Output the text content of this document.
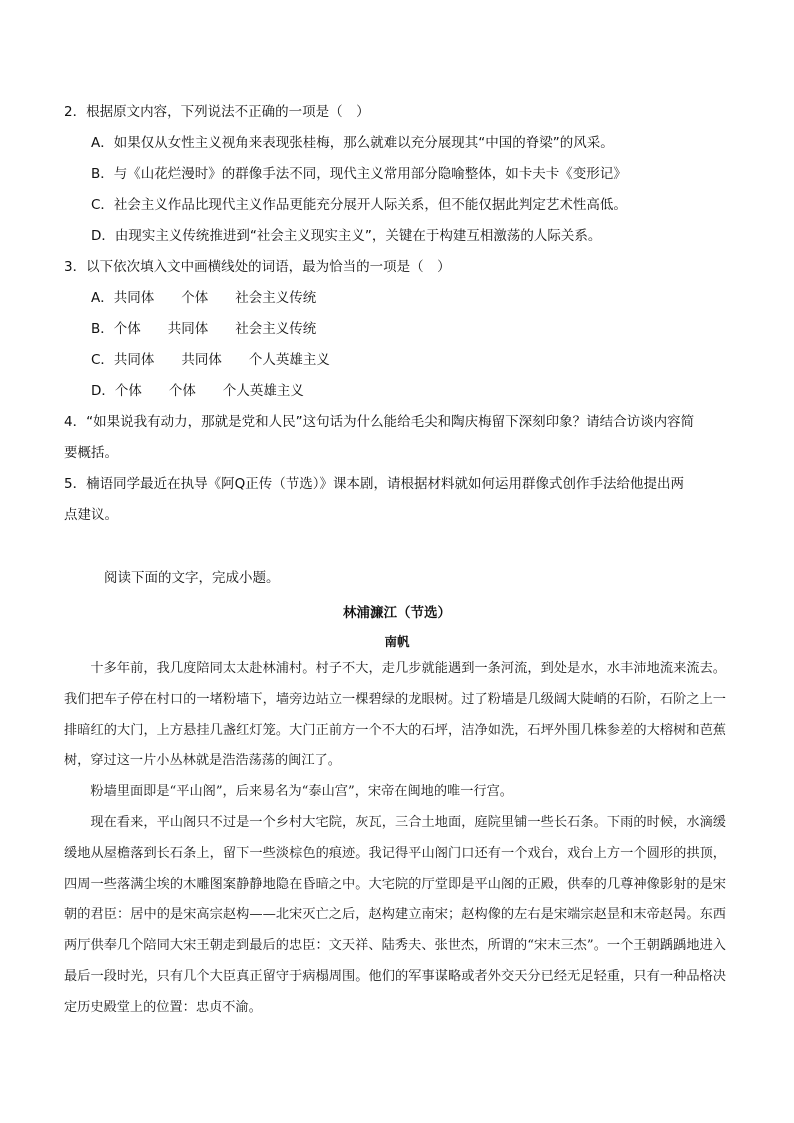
2．根据原文内容，下列说法不正确的一项是（　）
A．如果仅从女性主义视角来表现张桂梅，那么就难以充分展现其“中国的脊梁”的风采。
B．与《山花烂漫时》的群像手法不同，现代主义常用部分隐喻整体，如卡夫卡《变形记》
C．社会主义作品比现代主义作品更能充分展开人际关系，但不能仅据此判定艺术性高低。
D．由现实主义传统推进到“社会主义现实主义”，关键在于构建互相激荡的人际关系。
3．以下依次填入文中画横线处的词语，最为恰当的一项是（　）
A．共同体　　个体　　社会主义传统
B．个体　　共同体　　社会主义传统
C．共同体　　共同体　　个人英雄主义
D．个体　　个体　　个人英雄主义
4．“如果说我有动力，那就是党和人民”这句话为什么能给毛尖和陶庆梅留下深刻印象？请结合访谈内容简
要概括。
5．楠语同学最近在执导《阿Q正传（节选）》课本剧，请根据材料就如何运用群像式创作手法给他提出两
点建议。
阅读下面的文字，完成小题。
林浦濂江（节选）
南帆

十多年前，我几度陪同太太赴林浦村。村子不大，走几步就能遇到一条河流，到处是水，水丰沛地流来流去。我们把车子停在村口的一堵粉墙下，墙旁边站立一棵碧绿的龙眼树。过了粉墙是几级阔大陡峭的石阶，石阶之上一排暗红的大门，上方悬挂几盏红灯笼。大门正前方一个不大的石坪，洁净如洗，石坪外围几株参差的大榕树和芭蕉树，穿过这一片小丛林就是浩浩荡荡的闽江了。

粉墙里面即是“平山阁”，后来易名为“泰山宫”，宋帝在闽地的唯一行宫。

现在看来，平山阁只不过是一个乡村大宅院，灰瓦，三合土地面，庭院里铺一些长石条。下雨的时候，水滴缓缓地从屋檐落到长石条上，留下一些淡棕色的痕迹。我记得平山阁门口还有一个戏台，戏台上方一个圆形的拱顶，四周一些落满尘埃的木雕图案静静地隐在昏暗之中。大宅院的厅堂即是平山阁的正殿，供奉的几尊神像影射的是宋朝的君臣：居中的是宋高宗赵构——北宋灭亡之后，赵构建立南宋；赵构像的左右是宋端宗赵昰和末帝赵昺。东西两厅供奉几个陪同大宋王朝走到最后的忠臣：文天祥、陆秀夫、张世杰，所谓的“宋末三杰”。一个王朝踽踽地进入最后一段时光，只有几个大臣真正留守于病榻周围。他们的军事谋略或者外交天分已经无足轻重，只有一种品格决定历史殿堂上的位置：忠贞不渝。
